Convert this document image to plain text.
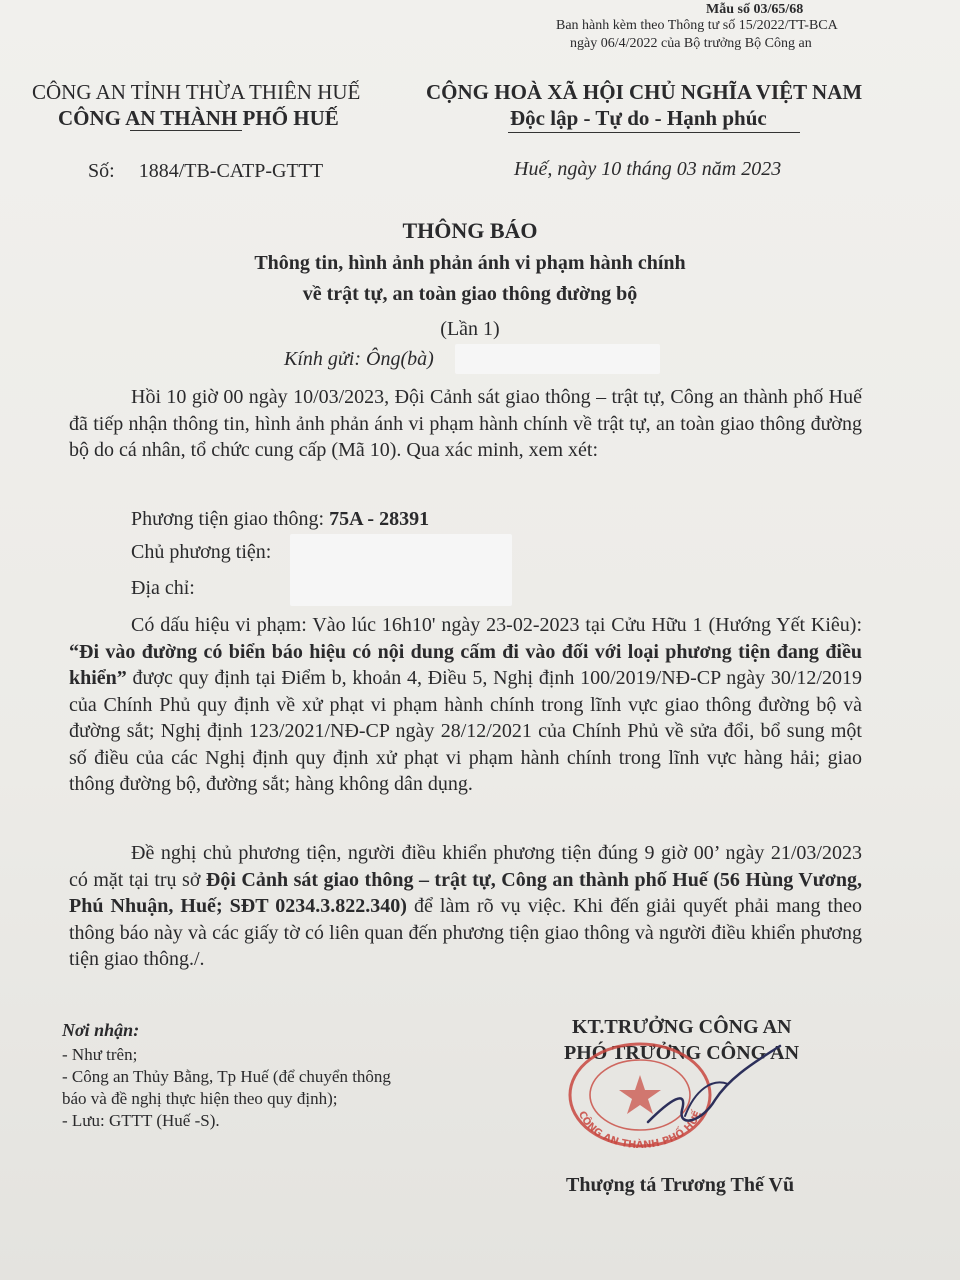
Mẫu số 03/65/68
Ban hành kèm theo Thông tư số 15/2022/TT-BCA
ngày 06/4/2022 của Bộ trưởng Bộ Công an
CÔNG AN TỈNH THỪA THIÊN HUẾ
CÔNG AN THÀNH PHỐ HUẾ
CỘNG HOÀ XÃ HỘI CHỦ NGHĨA VIỆT NAM
Độc lập - Tự do - Hạnh phúc
Số: 1884/TB-CATP-GTTT	Huế, ngày 10 tháng 03 năm 2023
THÔNG BÁO
Thông tin, hình ảnh phản ánh vi phạm hành chính
về trật tự, an toàn giao thông đường bộ
(Lần 1)
Kính gửi: Ông(bà)
Hồi 10 giờ 00 ngày 10/03/2023, Đội Cảnh sát giao thông – trật tự, Công an thành phố Huế đã tiếp nhận thông tin, hình ảnh phản ánh vi phạm hành chính về trật tự, an toàn giao thông đường bộ do cá nhân, tổ chức cung cấp (Mã 10). Qua xác minh, xem xét:
Phương tiện giao thông: 75A - 28391
Chủ phương tiện:
Địa chỉ:
Có dấu hiệu vi phạm: Vào lúc 16h10' ngày 23-02-2023 tại Cửu Hữu 1 (Hướng Yết Kiêu): “Đi vào đường có biển báo hiệu có nội dung cấm đi vào đối với loại phương tiện đang điều khiển” được quy định tại Điểm b, khoản 4, Điều 5, Nghị định 100/2019/NĐ-CP ngày 30/12/2019 của Chính Phủ quy định về xử phạt vi phạm hành chính trong lĩnh vực giao thông đường bộ và đường sắt; Nghị định 123/2021/NĐ-CP ngày 28/12/2021 của Chính Phủ về sửa đổi, bổ sung một số điều của các Nghị định quy định xử phạt vi phạm hành chính trong lĩnh vực hàng hải; giao thông đường bộ, đường sắt; hàng không dân dụng.
Đề nghị chủ phương tiện, người điều khiển phương tiện đúng 9 giờ 00’ ngày 21/03/2023 có mặt tại trụ sở Đội Cảnh sát giao thông – trật tự, Công an thành phố Huế (56 Hùng Vương, Phú Nhuận, Huế; SĐT 0234.3.822.340) để làm rõ vụ việc. Khi đến giải quyết phải mang theo thông báo này và các giấy tờ có liên quan đến phương tiện giao thông và người điều khiển phương tiện giao thông./.
Nơi nhận:
- Như trên;
- Công an Thủy Bằng, Tp Huế (để chuyển thông
báo và đề nghị thực hiện theo quy định);
- Lưu: GTTT (Huế -S).
KT.TRƯỞNG CÔNG AN
PHÓ TRƯỞNG CÔNG AN
CÔNG AN THÀNH PHỐ HUẾ
Thượng tá Trương Thế Vũ
